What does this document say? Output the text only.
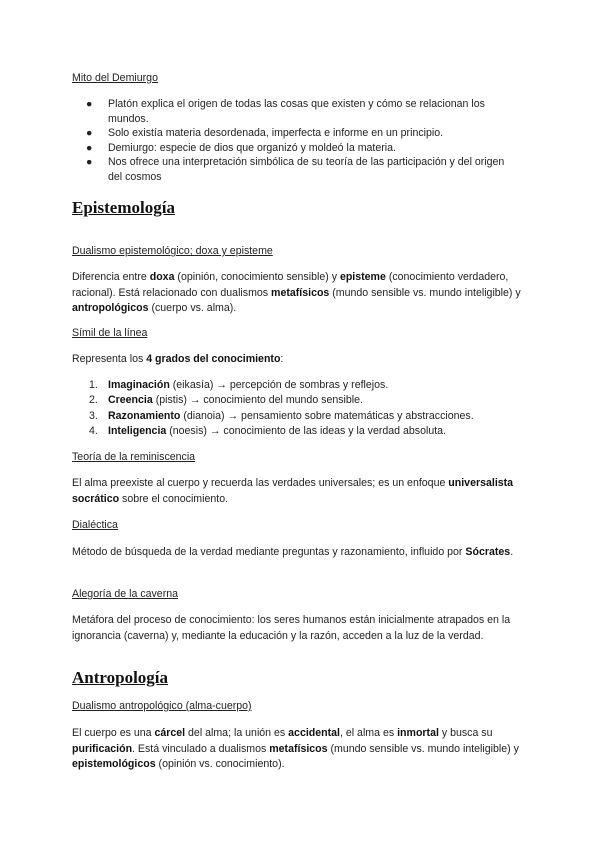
Mito del Demiurgo
● Platón explica el origen de todas las cosas que existen y cómo se relacionan los mundos.
● Solo existía materia desordenada, imperfecta e informe en un principio.
● Demiurgo: especie de dios que organizó y moldeó la materia.
● Nos ofrece una interpretación simbólica de su teoría de las participación y del origen del cosmos
Epistemología
Dualismo epistemológico; doxa y episteme

Diferencia entre doxa (opinión, conocimiento sensible) y episteme (conocimiento verdadero, racional). Está relacionado con dualismos metafísicos (mundo sensible vs. mundo inteligible) y antropológicos (cuerpo vs. alma).

Símil de la línea

Representa los 4 grados del conocimiento:

1. Imaginación (eikasía) → percepción de sombras y reflejos.
2. Creencia (pistis) → conocimiento del mundo sensible.
3. Razonamiento (dianoia) → pensamiento sobre matemáticas y abstracciones.
4. Inteligencia (noesis) → conocimiento de las ideas y la verdad absoluta.
Teoría de la reminiscencia

El alma preexiste al cuerpo y recuerda las verdades universales; es un enfoque universalista socrático sobre el conocimiento.

Dialéctica

Método de búsqueda de la verdad mediante preguntas y razonamiento, influido por Sócrates.

Alegoría de la caverna

Metáfora del proceso de conocimiento: los seres humanos están inicialmente atrapados en la ignorancia (caverna) y, mediante la educación y la razón, acceden a la luz de la verdad.

Antropología
Dualismo antropológico (alma-cuerpo)

El cuerpo es una cárcel del alma; la unión es accidental, el alma es inmortal y busca su purificación. Está vinculado a dualismos metafísicos (mundo sensible vs. mundo inteligible) y epistemológicos (opinión vs. conocimiento).
